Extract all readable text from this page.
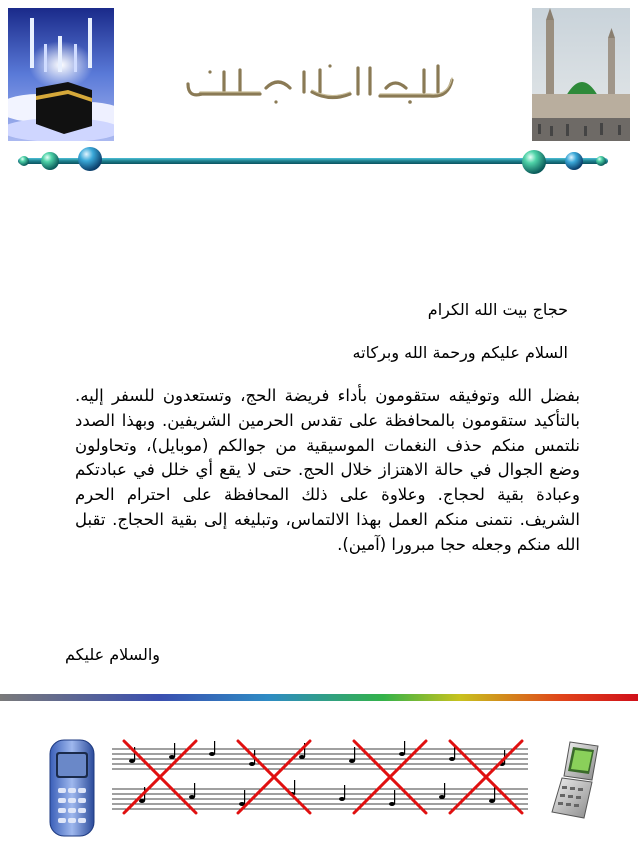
حجاج بيت الله الكرام
السلام عليكم ورحمة الله وبركاته
بفضل الله وتوفيقه ستقومون بأداء فريضة الحج، وتستعدون للسفر إليه. بالتأكيد ستقومون بالمحافظة على تقدس الحرمين الشريفين. وبهذا الصدد نلتمس منكم حذف النغمات الموسيقية من جوالكم (موبايل)، وتحاولون وضع الجوال في حالة الاهتزاز خلال الحج. حتى لا يقع أي خلل في عبادتكم وعبادة بقية لحجاج. وعلاوة على ذلك المحافظة على احترام الحرم الشريف. نتمنى منكم العمل بهذا الالتماس، وتبليغه إلى بقية الحجاج. تقبل الله منكم وجعله حجا مبرورا (آمين).
والسلام عليكم
